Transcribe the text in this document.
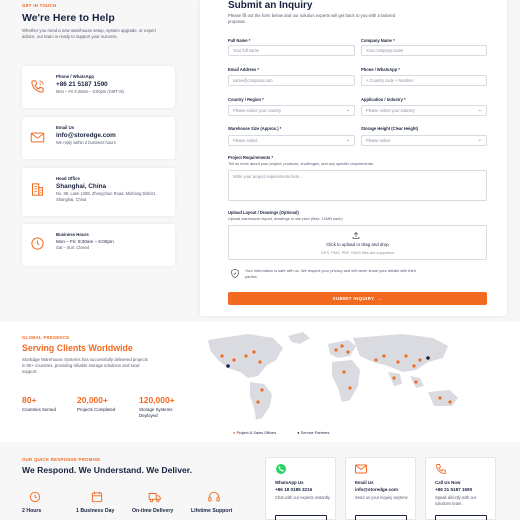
GET IN TOUCH
We're Here to Help
Whether you need a new warehouse setup, system upgrade, or expert advice, our team is ready to support your success.
Phone / WhatsApp
+86 21 5187 1590
Mon – Fri 8:30am – 6:00pm (GMT+8)
Email Us
info@storedge.com
We reply within 2 business hours
Head Office
Shanghai, China
No. 88, Lane 1288, Zhongchun Road, Minhang District, Shanghai, China
Business Hours
Mon – Fri: 8:30am – 6:00pm
Sat – Sun: Closed
Submit an Inquiry
Please fill out the form below and our solution experts will get back to you with a tailored proposal.
Full Name *
Your full name
Company Name *
Your company name
Email Address *
name@company.com
Phone / WhatsApp *
+ Country code + Number
Country / Region *
Please select your country	⌄
Application / Industry *
Please select your industry	⌄
Warehouse Size (Approx.) *
Please select	⌄
Storage Height (Clear Height)
Please select	⌄
Project Requirements *
Tell us more about your project, products, challenges, and any specific requirements.
Write your project requirements here...
Upload Layout / Drawings (Optional)
Upload warehouse layout, drawings or site plan (Max. 10MB each)
Click to upload or drag and drop
DFS, PNG, PDF, DWG files are supported
Your information is safe with us. We respect your privacy and will never share your details with third parties.
SUBMIT INQUIRY  →
GLOBAL PRESENCE
Serving Clients Worldwide
StorEdge Warehouse Systems has successfully delivered projects in 80+ countries, providing reliable storage solutions and local support.
80+
Countries Served
20,000+
Projects Completed
120,000+
Storage Systems Deployed
● Project & Sales Offices	● Service Partners
OUR QUICK RESPONSE PROMISE
We Respond. We Understand. We Deliver.
2 Hours	1 Business Day	On-time Delivery	Lifetime Support
WhatsApp Us
+86 18 0185 3216
Chat with our experts instantly.
Email Us
info@storedge.com
Send us your inquiry anytime.
Call Us Now
+86 21 5187 1590
Speak directly with our solutions team.
